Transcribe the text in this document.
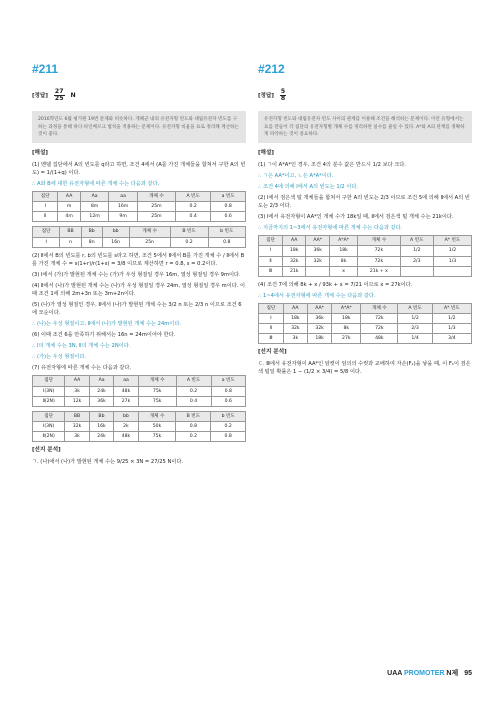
#211
[정답] $\frac{27}{25}$ N
2016학년도 6월 평가원 19번 문제와 비슷하다. 개체군 내의 유전자형 빈도와 대립유전자 빈도를 구하는 과정을 통해 하디·바인베르크 법칙을 적용하는 문제이다. 유전자형 비율을 표로 정리해 계산하는 것이 좋다.
[해설]
(1) 멘델 집단에서 A의 빈도를 q라고 하면, 조건 4에서 (A를 가진 개체들을 합쳐서 구한 A의 빈도) = 1/(1+q) 이다.
∴ A와 B에 대한 유전자형에 따른 개체 수는 다음과 같다.
집단	AA	Aa	aa	개체 수	A 빈도	a 빈도
Ⅰ	m	8m	16m	25m	0.2	0.8
Ⅱ	4m	12m	9m	25m	0.4	0.6
집단	BB	Bb	bb	개체 수	B 빈도	b 빈도
Ⅰ	n	8n	16n	25n	0.2	0.8
(2) Ⅱ에서 B의 빈도를 r, b의 빈도를 s라고 하면, 조건 5에서 Ⅱ에서 B를 가진 개체 수 / Ⅱ에서 B를 가진 개체 수 = s(1+r)/r(1+s) = 3/8 이므로 계산하면 r = 0.8, s = 0.2이다.
(3) Ⅰ에서 (가)가 발현된 개체 수는 (가)가 우성 형질일 경우 16m, 열성 형질일 경우 9m이다.
(4) Ⅱ에서 (나)가 발현된 개체 수는 (나)가 우성 형질일 경우 24m, 열성 형질일 경우 m이다. 이때 조건 1에 의해 2m+3n 또는 3m+2n이다.
(5) (나)가 열성 형질인 경우, Ⅱ에서 (나)가 발현된 개체 수는 3/2 n 또는 2/3 n 이므로 조건 6에 모순이다.
∴ (나)는 우성 형질이고, Ⅱ에서 (나)가 발현된 개체 수는 24m이다.
(6) 이때 조건 6을 만족하기 위해서는 16n = 24m이어야 한다.
∴ Ⅰ의 개체 수는 3N, Ⅱ의 개체 수는 2N이다.
∴ (가)는 우성 형질이다.
(7) 유전자형에 따른 개체 수는 다음과 같다.
집단	AA	Aa	aa	개체 수	A 빈도	a 빈도
Ⅰ(3N)	3k	24k	48k	75k	0.2	0.8
Ⅱ(2N)	12k	36k	27k	75k	0.4	0.6
집단	BB	Bb	bb	개체 수	B 빈도	b 빈도
Ⅰ(3N)	32k	16k	2k	50k	0.8	0.2
Ⅱ(2N)	3k	24k	48k	75k	0.2	0.8
[선지 분석]
ㄱ. (나)에서 (나)가 발현된 개체 수는 9/25 × 3N = 27/25 N이다.
#212
[정답] $\frac{5}{8}$
유전자형 빈도와 대립유전자 빈도 사이의 관계를 이용해 조건을 해석하는 문제이다. 이런 유형에서는 표를 만들어 각 집단의 유전자형별 개체 수를 정리하면 실수를 줄일 수 있다. A*와 A의 관계를 정확하게 파악하는 것이 중요하다.
[해설]
(1) ㄱ이 A*A*인 경우, 조건 4의 분수 값은 반드시 1/2 보다 크다.
∴ ㄱ은 AA*이고, ㄴ은 A*A*이다.
∴ 조건 4에 의해 Ⅰ에서 A의 빈도는 1/2 이다.
(2) Ⅰ에서 검은색 털 개체들을 합쳐서 구한 A의 빈도는 2/3 이므로 조건 5에 의해 Ⅱ에서 A의 빈도는 2/3 이다.
(3) Ⅰ에서 유전자형이 AA*인 개체 수가 18k일 때, Ⅱ에서 검은색 털 개체 수는 21k이다.
∴ 지금까지의 1~3에서 유전자형에 따른 개체 수는 다음과 같다.
집단	AA	AA*	A*A*	개체 수	A 빈도	A* 빈도
Ⅰ	18k	36k	18k	72k	1/2	1/2
Ⅱ	32k	32k	8k	72k	2/3	1/3
Ⅲ	21k		x	21k + x		
(4) 조건 7에 의해 8k + x / 93k + x = 7/21 이므로 x = 27k이다.
∴ 1~4에서 유전자형에 따른 개체 수는 다음과 같다.
집단	AA	AA*	A*A*	개체 수	A 빈도	A* 빈도
Ⅰ	18k	36k	18k	72k	1/2	1/2
Ⅱ	32k	32k	8k	72k	2/3	1/3
Ⅲ	3k	18k	27k	48k	1/4	3/4
[선지 분석]
ㄷ. Ⅲ에서 유전자형이 AA*인 암컷이 임의의 수컷과 교배하여 자손(F₁)을 낳을 때, 이 F₁이 검은색 털일 확률은 1 − (1/2 × 3/4) = 5/8 이다.
UAA PROMOTER N제 95
